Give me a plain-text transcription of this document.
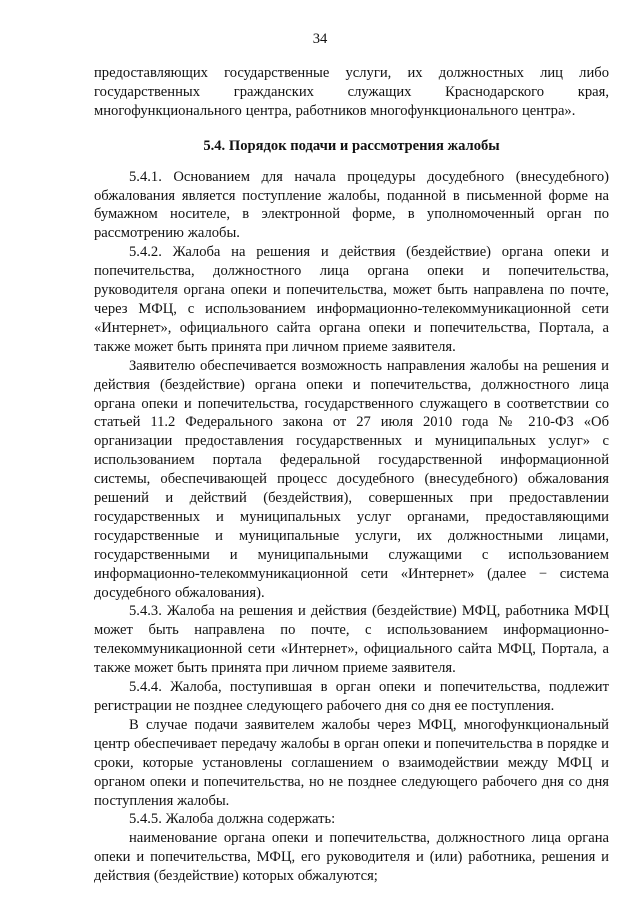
34

предоставляющих государственные услуги, их должностных лиц либо государственных гражданских служащих Краснодарского края, многофункционального центра, работников многофункционального центра».

5.4. Порядок подачи и рассмотрения жалобы

5.4.1. Основанием для начала процедуры досудебного (внесудебного) обжалования является поступление жалобы, поданной в письменной форме на бумажном носителе, в электронной форме, в уполномоченный орган по рассмотрению жалобы.

5.4.2. Жалоба на решения и действия (бездействие) органа опеки и попечительства, должностного лица органа опеки и попечительства, руководителя органа опеки и попечительства, может быть направлена по почте, через МФЦ, с использованием информационно-телекоммуникационной сети «Интернет», официального сайта органа опеки и попечительства, Портала, а также может быть принята при личном приеме заявителя.

Заявителю обеспечивается возможность направления жалобы на решения и действия (бездействие) органа опеки и попечительства, должностного лица органа опеки и попечительства, государственного служащего в соответствии со статьей 11.2 Федерального закона от 27 июля 2010 года № 210-ФЗ «Об организации предоставления государственных и муниципальных услуг» с использованием портала федеральной государственной информационной системы, обеспечивающей процесс досудебного (внесудебного) обжалования решений и действий (бездействия), совершенных при предоставлении государственных и муниципальных услуг органами, предоставляющими государственные и муниципальные услуги, их должностными лицами, государственными и муниципальными служащими с использованием информационно-телекоммуникационной сети «Интернет» (далее − система досудебного обжалования).

5.4.3. Жалоба на решения и действия (бездействие) МФЦ, работника МФЦ может быть направлена по почте, с использованием информационно-телекоммуникационной сети «Интернет», официального сайта МФЦ, Портала, а также может быть принята при личном приеме заявителя.

5.4.4. Жалоба, поступившая в орган опеки и попечительства, подлежит регистрации не позднее следующего рабочего дня со дня ее поступления.

В случае подачи заявителем жалобы через МФЦ, многофункциональный центр обеспечивает передачу жалобы в орган опеки и попечительства в порядке и сроки, которые установлены соглашением о взаимодействии между МФЦ и органом опеки и попечительства, но не позднее следующего рабочего дня со дня поступления жалобы.

5.4.5. Жалоба должна содержать:

наименование органа опеки и попечительства, должностного лица органа опеки и попечительства, МФЦ, его руководителя и (или) работника, решения и действия (бездействие) которых обжалуются;
